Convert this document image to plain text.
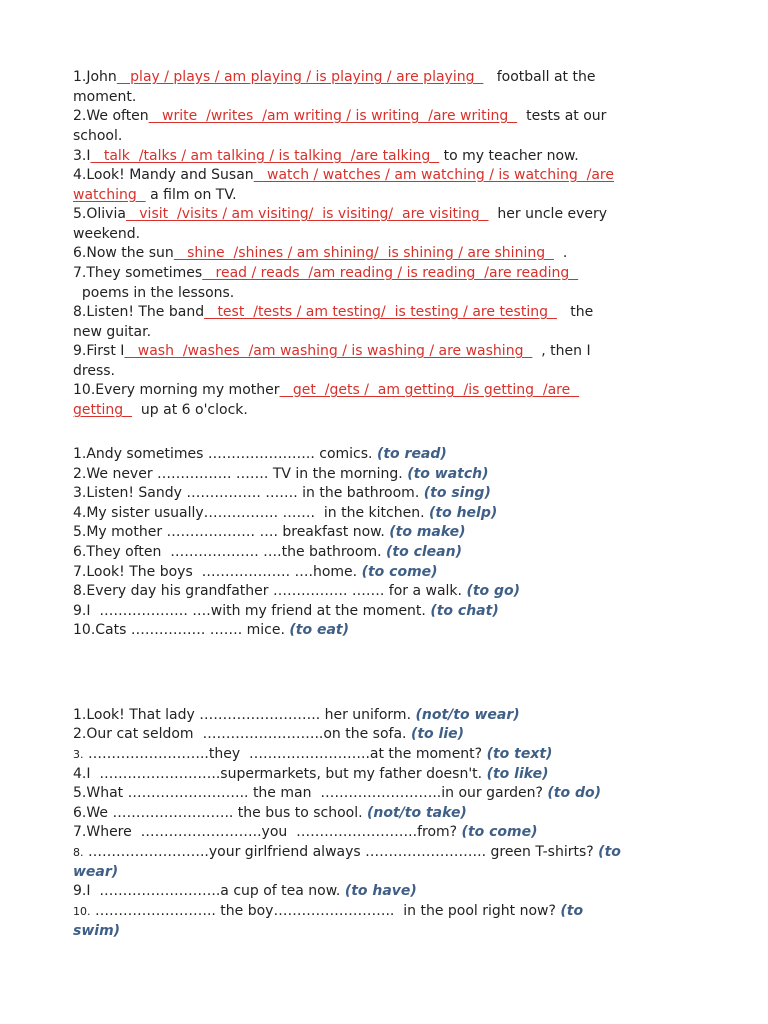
1.John   play / plays / am playing / is playing / are playing     football at the
moment.
2.We often   write  /writes  /am writing / is writing  /are writing    tests at our
school.
3.I   talk  /talks / am talking / is talking  /are talking   to my teacher now.
4.Look! Mandy and Susan   watch / watches / am watching / is watching  /are
watching   a film on TV.
5.Olivia   visit  /visits / am visiting/  is visiting/  are visiting    her uncle every
weekend.
6.Now the sun   shine  /shines / am shining/  is shining / are shining    .
7.They sometimes   read / reads  /am reading / is reading  /are reading
poems in the lessons.
8.Listen! The band   test  /tests / am testing/  is testing / are testing     the
new guitar.
9.First I   wash  /washes  /am washing / is washing / are washing    , then I
dress.
10.Every morning my mother   get  /gets /  am getting  /is getting  /are
getting    up at 6 o'clock.
1.Andy sometimes ………………….. comics. (to read)
2.We never ……………. ……. TV in the morning. (to watch)
3.Listen! Sandy ……………. ……. in the bathroom. (to sing)
4.My sister usually……………. …….  in the kitchen. (to help)
5.My mother ………………. …. breakfast now. (to make)
6.They often  ………………. ….the bathroom. (to clean)
7.Look! The boys  ………………. ….home. (to come)
8.Every day his grandfather ……………. ……. for a walk. (to go)
9.I  ………………. ….with my friend at the moment. (to chat)
10.Cats ……………. ……. mice. (to eat)
1.Look! That lady …………………….. her uniform. (not/to wear)
2.Our cat seldom  ……………………..on the sofa. (to lie)
3. ……………………..they  ……………………..at the moment? (to text)
4.I  ……………………..supermarkets, but my father doesn't. (to like)
5.What …………………….. the man  ……………………..in our garden? (to do)
6.We …………………….. the bus to school. (not/to take)
7.Where  ……………………..you  ……………………..from? (to come)
8. ……………………..your girlfriend always …………………….. green T-shirts? (to
wear)
9.I  ……………………..a cup of tea now. (to have)
10. …………………….. the boy……………………..  in the pool right now? (to
swim)
